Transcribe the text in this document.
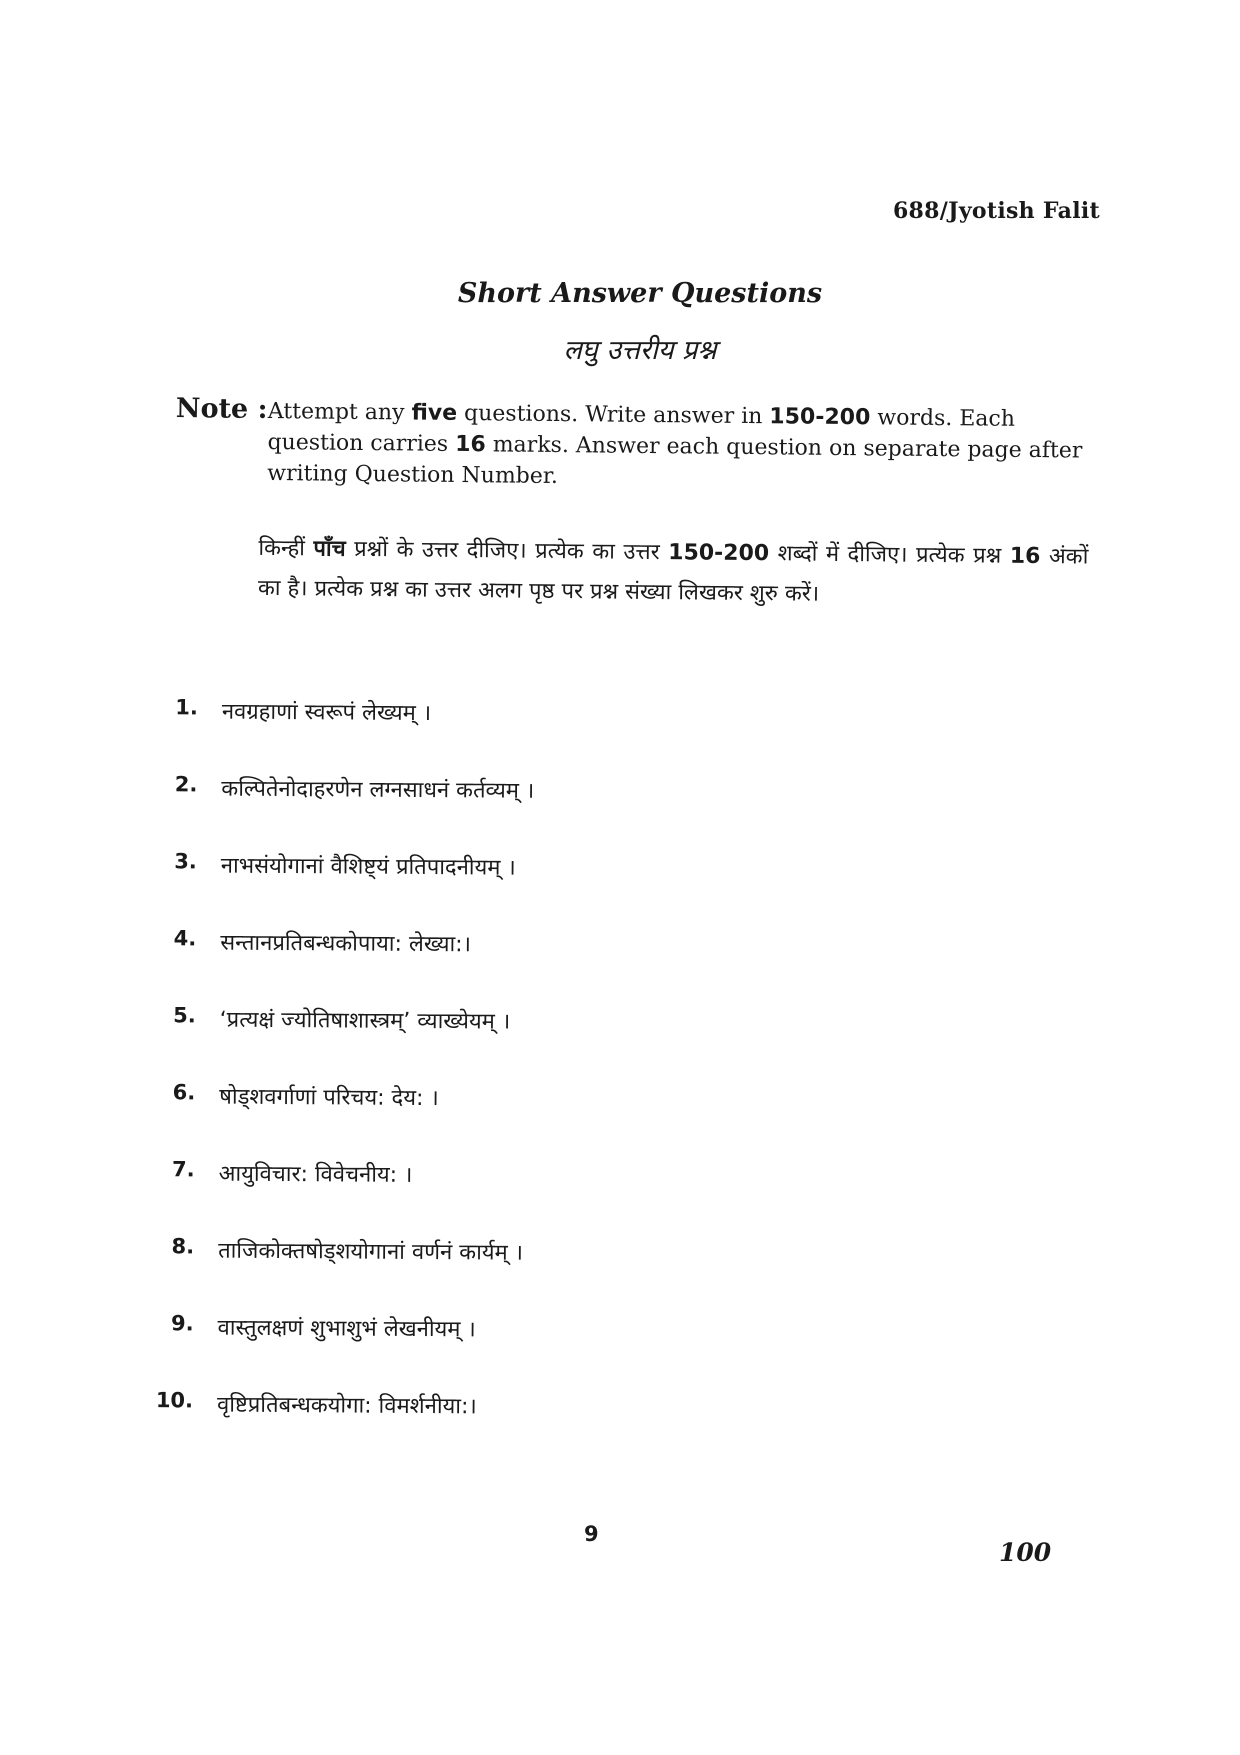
688/Jyotish Falit
Short Answer Questions
लघु उत्तरीय प्रश्न
Note : Attempt any five questions. Write answer in 150-200 words. Each question carries 16 marks. Answer each question on separate page after writing Question Number.
किन्हीं पाँच प्रश्नों के उत्तर दीजिए। प्रत्येक का उत्तर 150-200 शब्दों में दीजिए। प्रत्येक प्रश्न 16 अंकों का है। प्रत्येक प्रश्न का उत्तर अलग पृष्ठ पर प्रश्न संख्या लिखकर शुरु करें।
1. नवग्रहाणां स्वरूपं लेख्यम् ।
2. कल्पितेनोदाहरणेन लग्नसाधनं कर्तव्यम् ।
3. नाभसंयोगानां वैशिष्ट्यं प्रतिपादनीयम् ।
4. सन्तानप्रतिबन्धकोपाया: लेख्या:।
5. ‘प्रत्यक्षं ज्योतिषाशास्त्रम्’ व्याख्येयम् ।
6. षोड्शवर्गाणां परिचय: देय: ।
7. आयुविचार: विवेचनीय: ।
8. ताजिकोक्तषोड्शयोगानां वर्णनं कार्यम् ।
9. वास्तुलक्षणं शुभाशुभं लेखनीयम् ।
10. वृष्टिप्रतिबन्धकयोगा: विमर्शनीया:।
9
100
